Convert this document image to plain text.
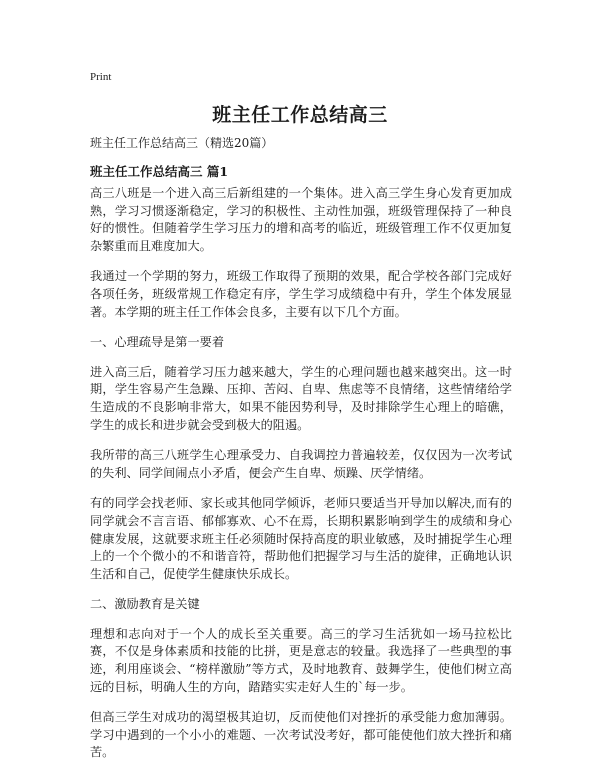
Print
班主任工作总结高三
班主任工作总结高三（精选20篇）
班主任工作总结高三 篇1

高三八班是一个进入高三后新组建的一个集体。进入高三学生身心发育更加成熟，学习习惯逐渐稳定，学习的积极性、主动性加强，班级管理保持了一种良好的惯性。但随着学生学习压力的增和高考的临近，班级管理工作不仅更加复杂繁重而且难度加大。

我通过一个学期的努力，班级工作取得了预期的效果，配合学校各部门完成好各项任务，班级常规工作稳定有序，学生学习成绩稳中有升，学生个体发展显著。本学期的班主任工作体会良多，主要有以下几个方面。

一、心理疏导是第一要着

进入高三后，随着学习压力越来越大，学生的心理问题也越来越突出。这一时期，学生容易产生急躁、压抑、苦闷、自卑、焦虑等不良情绪，这些情绪给学生造成的不良影响非常大，如果不能因势利导，及时排除学生心理上的暗礁，学生的成长和进步就会受到极大的阻遏。

我所带的高三八班学生心理承受力、自我调控力普遍较差，仅仅因为一次考试的失利、同学间闹点小矛盾，便会产生自卑、烦躁、厌学情绪。

有的同学会找老师、家长或其他同学倾诉，老师只要适当开导加以解决,而有的同学就会不言言语、郁郁寡欢、心不在焉，长期积累影响到学生的成绩和身心健康发展，这就要求班主任必须随时保持高度的职业敏感，及时捕捉学生心理上的一个个微小的不和谐音符，帮助他们把握学习与生活的旋律，正确地认识生活和自己，促使学生健康快乐成长。

二、激励教育是关键

理想和志向对于一个人的成长至关重要。高三的学习生活犹如一场马拉松比赛，不仅是身体素质和技能的比拼，更是意志的较量。我选择了一些典型的事迹，利用座谈会、“榜样激励”等方式，及时地教育、鼓舞学生，使他们树立高远的目标，明确人生的方向，踏踏实实走好人生的`每一步。

但高三学生对成功的渴望极其迫切，反而使他们对挫折的承受能力愈加薄弱。学习中遇到的一个小小的难题、一次考试没考好，都可能使他们放大挫折和痛苦。
